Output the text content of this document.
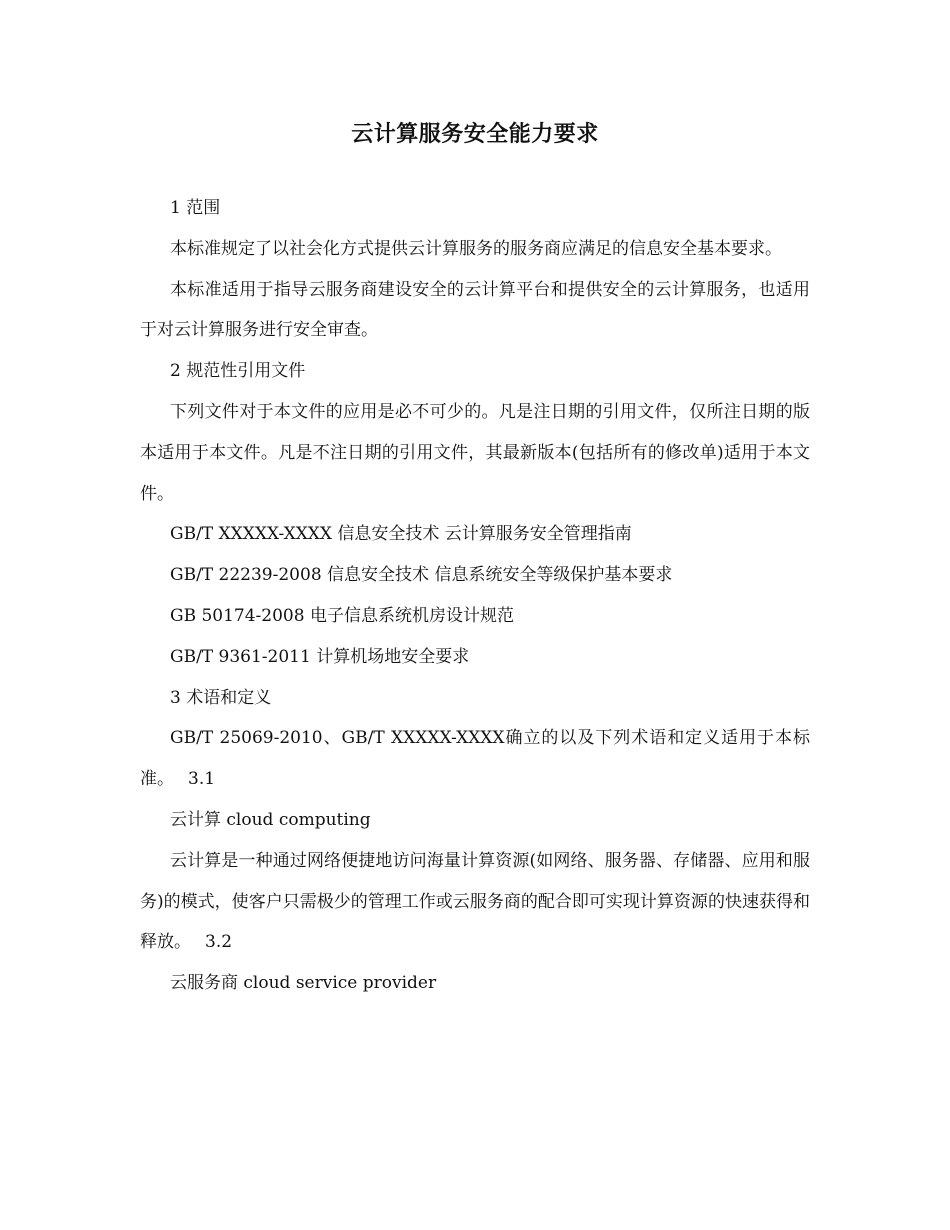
云计算服务安全能力要求
1 范围

本标准规定了以社会化方式提供云计算服务的服务商应满足的信息安全基本要求。

本标准适用于指导云服务商建设安全的云计算平台和提供安全的云计算服务，也适用于对云计算服务进行安全审查。

2 规范性引用文件

下列文件对于本文件的应用是必不可少的。凡是注日期的引用文件，仅所注日期的版本适用于本文件。凡是不注日期的引用文件，其最新版本(包括所有的修改单)适用于本文件。

GB/T XXXXX-XXXX 信息安全技术 云计算服务安全管理指南
GB/T 22239-2008 信息安全技术 信息系统安全等级保护基本要求
GB 50174-2008 电子信息系统机房设计规范
GB/T 9361-2011 计算机场地安全要求
3 术语和定义

GB/T 25069-2010、GB/T XXXXX-XXXX确立的以及下列术语和定义适用于本标准。 3.1

云计算 cloud computing

云计算是一种通过网络便捷地访问海量计算资源(如网络、服务器、存储器、应用和服务)的模式，使客户只需极少的管理工作或云服务商的配合即可实现计算资源的快速获得和释放。 3.2

云服务商 cloud service provider
